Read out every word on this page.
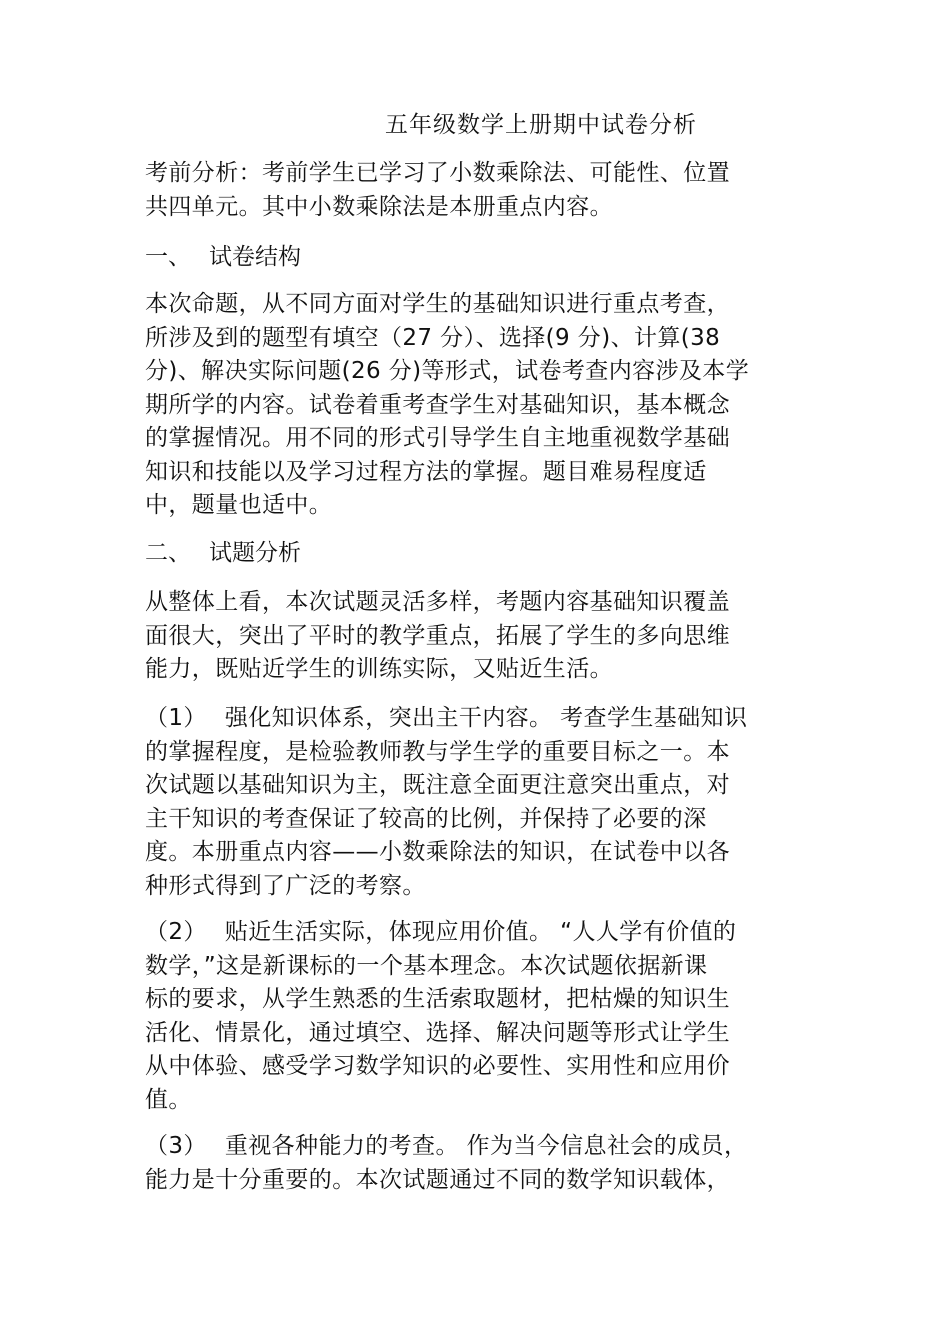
五年级数学上册期中试卷分析
考前分析：考前学生已学习了小数乘除法、可能性、位置
共四单元。其中小数乘除法是本册重点内容。
一、 试卷结构
本次命题，从不同方面对学生的基础知识进行重点考查，
所涉及到的题型有填空（27 分）、选择(9 分)、计算(38
分)、解决实际问题(26 分)等形式，试卷考查内容涉及本学
期所学的内容。试卷着重考查学生对基础知识，基本概念
的掌握情况。用不同的形式引导学生自主地重视数学基础
知识和技能以及学习过程方法的掌握。题目难易程度适
中，题量也适中。
二、 试题分析
从整体上看，本次试题灵活多样，考题内容基础知识覆盖
面很大，突出了平时的教学重点，拓展了学生的多向思维
能力，既贴近学生的训练实际，又贴近生活。
（1） 强化知识体系，突出主干内容。 考查学生基础知识
的掌握程度，是检验教师教与学生学的重要目标之一。本
次试题以基础知识为主，既注意全面更注意突出重点，对
主干知识的考查保证了较高的比例，并保持了必要的深
度。本册重点内容——小数乘除法的知识，在试卷中以各
种形式得到了广泛的考察。
（2） 贴近生活实际，体现应用价值。 “人人学有价值的
数学，”这是新课标的一个基本理念。本次试题依据新课
标的要求，从学生熟悉的生活索取题材，把枯燥的知识生
活化、情景化，通过填空、选择、解决问题等形式让学生
从中体验、感受学习数学知识的必要性、实用性和应用价
值。
（3） 重视各种能力的考查。 作为当今信息社会的成员，
能力是十分重要的。本次试题通过不同的数学知识载体，
